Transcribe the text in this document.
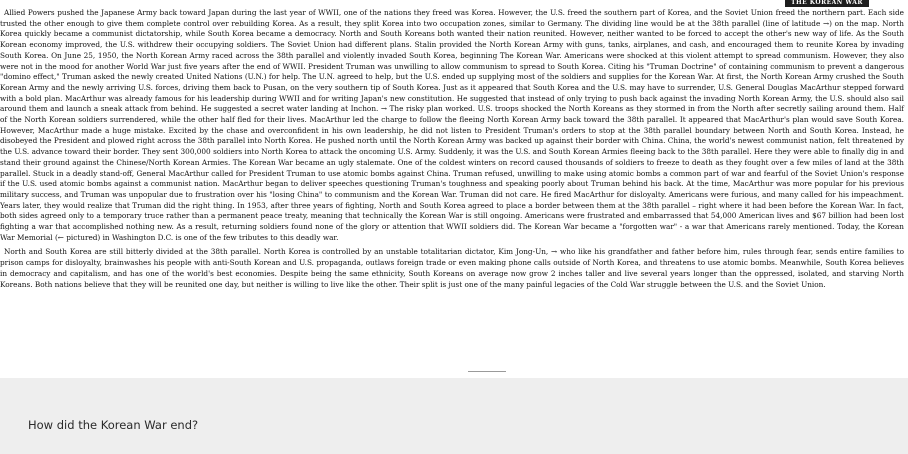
THE KOREAN WAR

Allied Powers pushed the Japanese Army back toward Japan during the last year of WWII, one of the nations they freed was Korea. However, the U.S. freed the southern part of Korea, and the Soviet Union freed the northern part. Each side trusted the other enough to give them complete control over rebuilding Korea. As a result, they split Korea into two occupation zones, similar to Germany. The dividing line would be at the 38th parallel (line of latitude →) on the map. North Korea quickly became a communist dictatorship, while South Korea became a democracy. North and South Koreans both wanted their nation reunited. However, neither wanted to be forced to accept the other's new way of life. As the South Korean economy improved, the U.S. withdrew their occupying soldiers. The Soviet Union had different plans. Stalin provided the North Korean Army with guns, tanks, airplanes, and cash, and encouraged them to reunite Korea by invading South Korea. On June 25, 1950, the North Korean Army raced across the 38th parallel and violently invaded South Korea, beginning The Korean War. Americans were shocked at this violent attempt to spread communism. However, they also were not in the mood for another World War just five years after the end of WWII. President Truman was unwilling to allow communism to spread to South Korea. Citing his "Truman Doctrine" of containing communism to prevent a dangerous "domino effect," Truman asked the newly created United Nations (U.N.) for help. The U.N. agreed to help, but the U.S. ended up supplying most of the soldiers and supplies for the Korean War. At first, the North Korean Army crushed the South Korean Army and the newly arriving U.S. forces, driving them back to Pusan, on the very southern tip of South Korea. Just as it appeared that South Korea and the U.S. may have to surrender, U.S. General Douglas MacArthur stepped forward with a bold plan. MacArthur was already famous for his leadership during WWII and for writing Japan's new constitution. He suggested that instead of only trying to push back against the invading North Korean Army, the U.S. should also sail around them and launch a sneak attack from behind. He suggested a secret water landing at Inchon. → The risky plan worked. U.S. troops shocked the North Koreans as they stormed in from the North after secretly sailing around them. Half of the North Korean soldiers surrendered, while the other half fled for their lives. MacArthur led the charge to follow the fleeing North Korean Army back toward the 38th parallel. It appeared that MacArthur's plan would save South Korea. However, MacArthur made a huge mistake. Excited by the chase and overconfident in his own leadership, he did not listen to President Truman's orders to stop at the 38th parallel boundary between North and South Korea. Instead, he disobeyed the President and plowed right across the 38th parallel into North Korea. He pushed north until the North Korean Army was backed up against their border with China. China, the world's newest communist nation, felt threatened by the U.S. advance toward their border. They sent 300,000 soldiers into North Korea to attack the oncoming U.S. Army. Suddenly, it was the U.S. and South Korean Armies fleeing back to the 38th parallel. Here they were able to finally dig in and stand their ground against the Chinese/North Korean Armies. The Korean War became an ugly stalemate. One of the coldest winters on record caused thousands of soldiers to freeze to death as they fought over a few miles of land at the 38th parallel. Stuck in a deadly stand-off, General MacArthur called for President Truman to use atomic bombs against China. Truman refused, unwilling to make using atomic bombs a common part of war and fearful of the Soviet Union's response if the U.S. used atomic bombs against a communist nation. MacArthur began to deliver speeches questioning Truman's toughness and speaking poorly about Truman behind his back. At the time, MacArthur was more popular for his previous military success, and Truman was unpopular due to frustration over his "losing China" to communism and the Korean War. Truman did not care. He fired MacArthur for disloyalty. Americans were furious, and many called for his impeachment. Years later, they would realize that Truman did the right thing. In 1953, after three years of fighting, North and South Korea agreed to place a border between them at the 38th parallel – right where it had been before the Korean War. In fact, both sides agreed only to a temporary truce rather than a permanent peace treaty, meaning that technically the Korean War is still ongoing. Americans were frustrated and embarrassed that 54,000 American lives and $67 billion had been lost fighting a war that accomplished nothing new. As a result, returning soldiers found none of the glory or attention that WWII soldiers did. The Korean War became a "forgotten war" - a war that Americans rarely mentioned. Today, the Korean War Memorial (← pictured) in Washington D.C. is one of the few tributes to this deadly war.

North and South Korea are still bitterly divided at the 38th parallel. North Korea is controlled by an unstable totalitarian dictator, Kim Jong-Un, → who like his grandfather and father before him, rules through fear, sends entire families to prison camps for disloyalty, brainwashes his people with anti-South Korean and U.S. propaganda, outlaws foreign trade or even making phone calls outside of North Korea, and threatens to use atomic bombs. Meanwhile, South Korea believes in democracy and capitalism, and has one of the world's best economies. Despite being the same ethnicity, South Koreans on average now grow 2 inches taller and live several years longer than the oppressed, isolated, and starving North Koreans. Both nations believe that they will be reunited one day, but neither is willing to live like the other. Their split is just one of the many painful legacies of the Cold War struggle between the U.S. and the Soviet Union.

How did the Korean War end?
